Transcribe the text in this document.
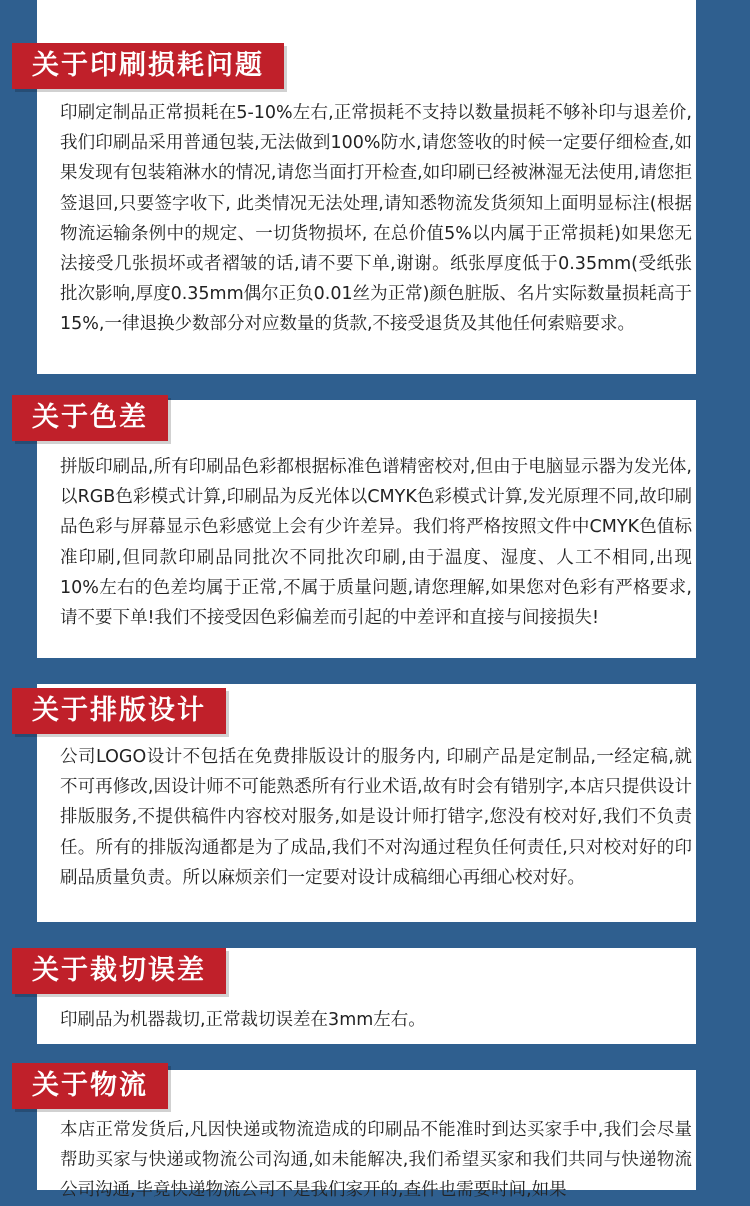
关于印刷损耗问题

印刷定制品正常损耗在5-10%左右,正常损耗不支持以数量损耗不够补印与退差价,我们印刷品采用普通包装,无法做到100%防水,请您签收的时候一定要仔细检查,如果发现有包装箱淋水的情况,请您当面打开检查,如印刷已经被淋湿无法使用,请您拒签退回,只要签字收下, 此类情况无法处理,请知悉物流发货须知上面明显标注(根据物流运输条例中的规定、一切货物损坏, 在总价值5%以内属于正常损耗)如果您无法接受几张损坏或者褶皱的话,请不要下单,谢谢。纸张厚度低于0.35mm(受纸张批次影响,厚度0.35mm偶尔正负0.01丝为正常)颜色脏版、名片实际数量损耗高于15%,一律退换少数部分对应数量的货款,不接受退货及其他任何索赔要求。

关于色差

拼版印刷品,所有印刷品色彩都根据标准色谱精密校对,但由于电脑显示器为发光体,以RGB色彩模式计算,印刷品为反光体以CMYK色彩模式计算,发光原理不同,故印刷品色彩与屏幕显示色彩感觉上会有少许差异。我们将严格按照文件中CMYK色值标准印刷,但同款印刷品同批次不同批次印刷,由于温度、湿度、人工不相同,出现10%左右的色差均属于正常,不属于质量问题,请您理解,如果您对色彩有严格要求,请不要下单!我们不接受因色彩偏差而引起的中差评和直接与间接损失!

关于排版设计

公司LOGO设计不包括在免费排版设计的服务内, 印刷产品是定制品,一经定稿,就不可再修改,因设计师不可能熟悉所有行业术语,故有时会有错别字,本店只提供设计排版服务,不提供稿件内容校对服务,如是设计师打错字,您没有校对好,我们不负责任。所有的排版沟通都是为了成品,我们不对沟通过程负任何责任,只对校对好的印刷品质量负责。所以麻烦亲们一定要对设计成稿细心再细心校对好。

关于裁切误差

印刷品为机器裁切,正常裁切误差在3mm左右。

关于物流

本店正常发货后,凡因快递或物流造成的印刷品不能准时到达买家手中,我们会尽量帮助买家与快递或物流公司沟通,如未能解决,我们希望买家和我们共同与快递物流公司沟通,毕竟快递物流公司不是我们家开的,查件也需要时间,如果
